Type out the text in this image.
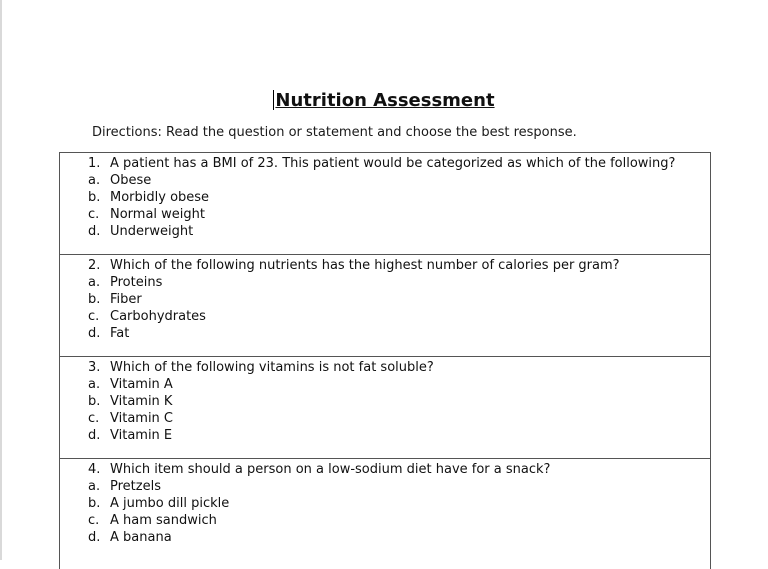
Nutrition Assessment
Directions: Read the question or statement and choose the best response.
1. A patient has a BMI of 23. This patient would be categorized as which of the following?
a. Obese
b. Morbidly obese
c. Normal weight
d. Underweight
2. Which of the following nutrients has the highest number of calories per gram?
a. Proteins
b. Fiber
c. Carbohydrates
d. Fat
3. Which of the following vitamins is not fat soluble?
a. Vitamin A
b. Vitamin K
c. Vitamin C
d. Vitamin E
4. Which item should a person on a low-sodium diet have for a snack?
a. Pretzels
b. A jumbo dill pickle
c. A ham sandwich
d. A banana
